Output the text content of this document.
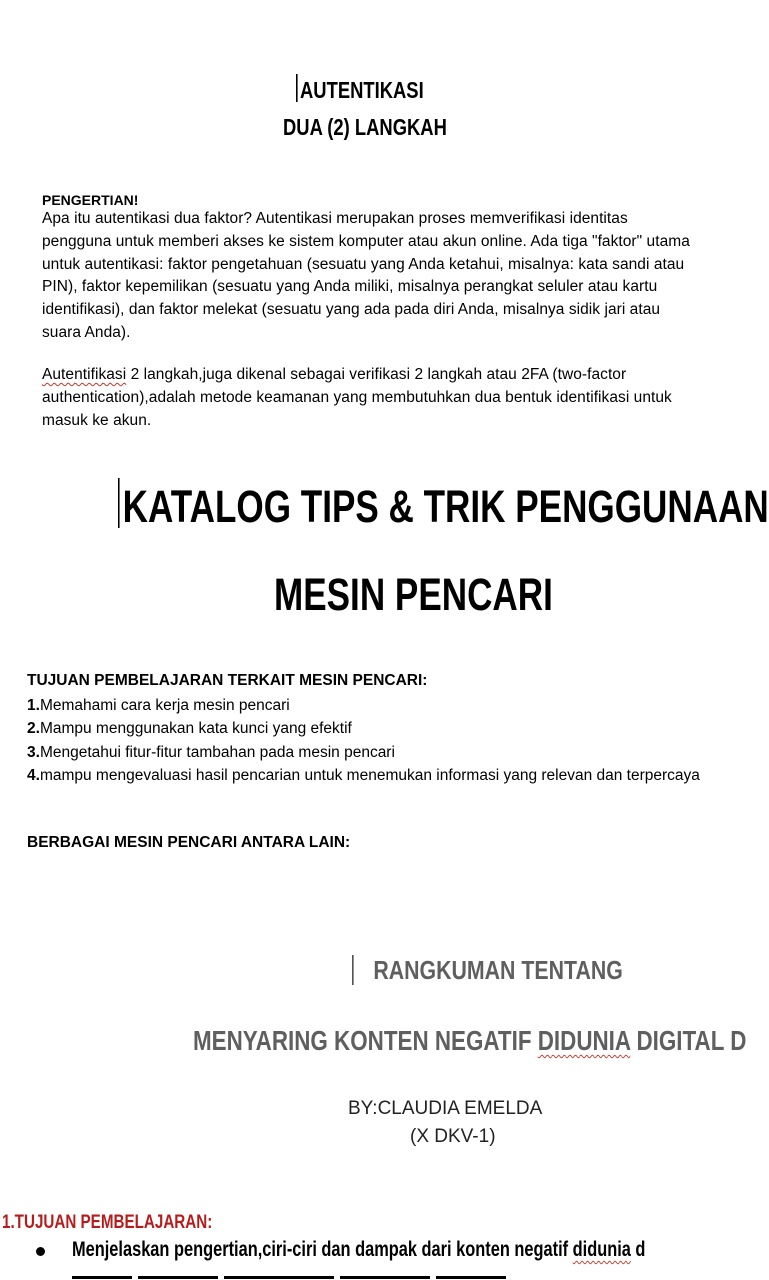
AUTENTIKASI
DUA (2) LANGKAH
PENGERTIAN!
Apa itu autentikasi dua faktor? Autentikasi merupakan proses memverifikasi identitas pengguna untuk memberi akses ke sistem komputer atau akun online. Ada tiga "faktor" utama untuk autentikasi: faktor pengetahuan (sesuatu yang Anda ketahui, misalnya: kata sandi atau PIN), faktor kepemilikan (sesuatu yang Anda miliki, misalnya perangkat seluler atau kartu identifikasi), dan faktor melekat (sesuatu yang ada pada diri Anda, misalnya sidik jari atau suara Anda).
Autentifikasi 2 langkah,juga dikenal sebagai verifikasi 2 langkah atau 2FA (two-factor authentication),adalah metode keamanan yang membutuhkan dua bentuk identifikasi untuk masuk ke akun.
KATALOG TIPS & TRIK PENGGUNAAN
MESIN PENCARI
TUJUAN PEMBELAJARAN TERKAIT MESIN PENCARI:
1.Memahami cara kerja mesin pencari
2.Mampu menggunakan kata kunci yang efektif
3.Mengetahui fitur-fitur tambahan pada mesin pencari
4.mampu mengevaluasi hasil pencarian untuk menemukan informasi yang relevan dan terpercaya
BERBAGAI MESIN PENCARI ANTARA LAIN:
RANGKUMAN TENTANG
MENYARING KONTEN NEGATIF DIDUNIA DIGITAL D
BY:CLAUDIA EMELDA
(X DKV-1)
1.TUJUAN PEMBELAJARAN:
Menjelaskan pengertian,ciri-ciri dan dampak dari konten negatif didunia d
